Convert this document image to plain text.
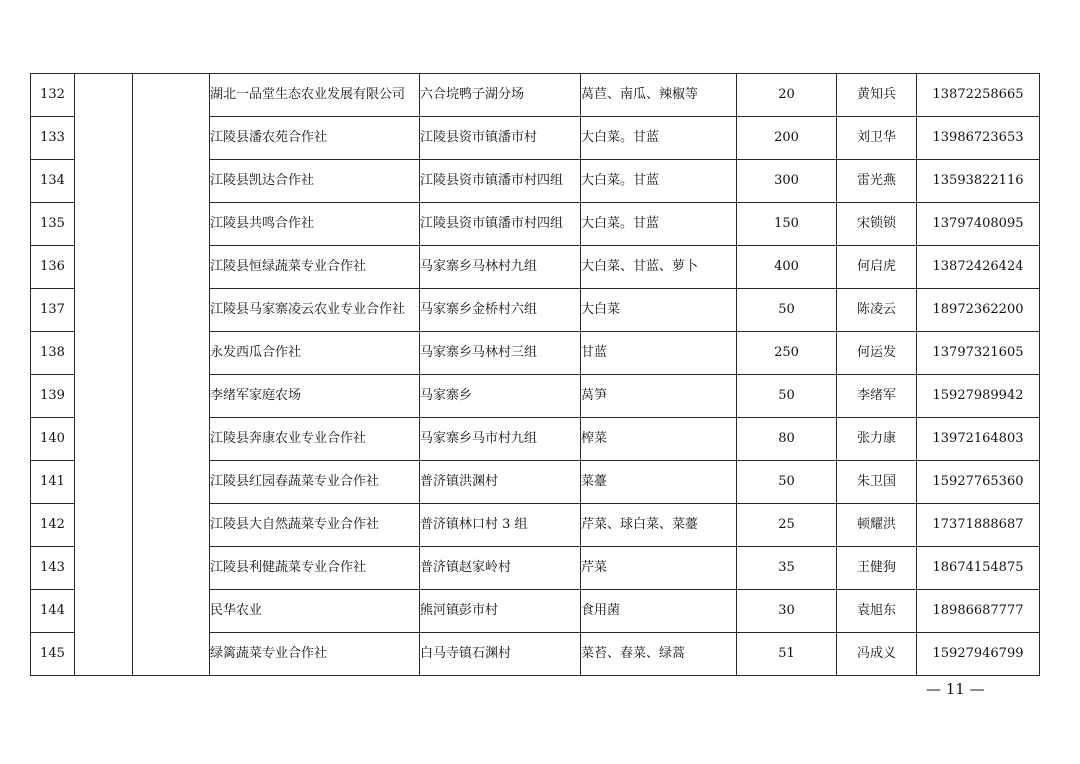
132			湖北一品堂生态农业发展有限公司	六合垸鸭子湖分场	莴苣、南瓜、辣椒等	20	黄知兵	13872258665
133			江陵县潘农苑合作社	江陵县资市镇潘市村	大白菜。甘蓝	200	刘卫华	13986723653
134			江陵县凯达合作社	江陵县资市镇潘市村四组	大白菜。甘蓝	300	雷光燕	13593822116
135			江陵县共鸣合作社	江陵县资市镇潘市村四组	大白菜。甘蓝	150	宋锁锁	13797408095
136			江陵县恒绿蔬菜专业合作社	马家寨乡马林村九组	大白菜、甘蓝、萝卜	400	何启虎	13872426424
137			江陵县马家寨凌云农业专业合作社	马家寨乡金桥村六组	大白菜	50	陈凌云	18972362200
138			永发西瓜合作社	马家寨乡马林村三组	甘蓝	250	何运发	13797321605
139			李绪军家庭农场	马家寨乡	莴笋	50	李绪军	15927989942
140			江陵县奔康农业专业合作社	马家寨乡马市村九组	榨菜	80	张力康	13972164803
141			江陵县红园春蔬菜专业合作社	普济镇洪渊村	菜薹	50	朱卫国	15927765360
142			江陵县大自然蔬菜专业合作社	普济镇林口村 3 组	芹菜、球白菜、菜薹	25	顿耀洪	17371888687
143			江陵县利健蔬菜专业合作社	普济镇赵家岭村	芹菜	35	王健狗	18674154875
144			民华农业	熊河镇彭市村	食用菌	30	袁旭东	18986687777
145			绿篱蔬菜专业合作社	白马寺镇石渊村	菜苔、春菜、绿蒿	51	冯成义	15927946799
— 11 —
